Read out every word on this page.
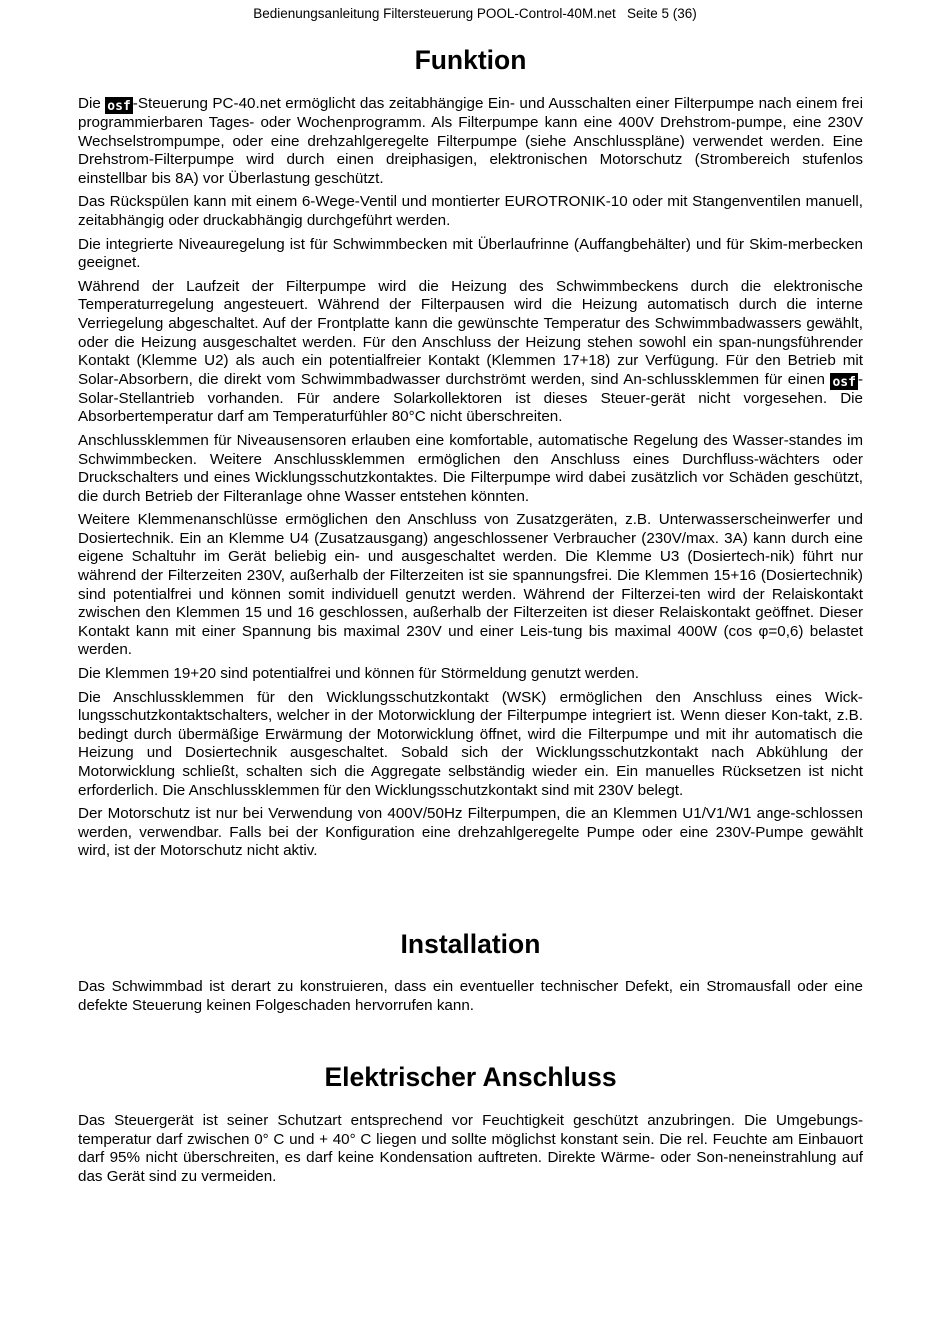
Bedienungsanleitung Filtersteuerung POOL-Control-40M.net   Seite 5 (36)
Funktion

Die osf -Steuerung PC-40.net ermöglicht das zeitabhängige Ein- und Ausschalten einer Filterpumpe nach einem frei programmierbaren Tages- oder Wochenprogramm. Als Filterpumpe kann eine 400V Drehstrom-pumpe, eine 230V Wechselstrompumpe, oder eine drehzahlgeregelte Filterpumpe (siehe Anschlusspläne) verwendet werden. Eine Drehstrom-Filterpumpe wird durch einen dreiphasigen, elektronischen Motorschutz (Strombereich stufenlos einstellbar bis 8A) vor Überlastung geschützt.

Das Rückspülen kann mit einem 6-Wege-Ventil und montierter EUROTRONIK-10 oder mit Stangenventilen manuell, zeitabhängig oder druckabhängig durchgeführt werden.

Die integrierte Niveauregelung ist für Schwimmbecken mit Überlaufrinne (Auffangbehälter) und für Skim-merbecken geeignet.

Während der Laufzeit der Filterpumpe wird die Heizung des Schwimmbeckens durch die elektronische Temperaturregelung angesteuert. Während der Filterpausen wird die Heizung automatisch durch die interne Verriegelung abgeschaltet. Auf der Frontplatte kann die gewünschte Temperatur des Schwimmbadwassers gewählt, oder die Heizung ausgeschaltet werden. Für den Anschluss der Heizung stehen sowohl ein span-nungsführender Kontakt (Klemme U2) als auch ein potentialfreier Kontakt (Klemmen 17+18) zur Verfügung. Für den Betrieb mit Solar-Absorbern, die direkt vom Schwimmbadwasser durchströmt werden, sind An-schlussklemmen für einen osf -Solar-Stellantrieb vorhanden. Für andere Solarkollektoren ist dieses Steuer-gerät nicht vorgesehen. Die Absorbertemperatur darf am Temperaturfühler 80°C nicht überschreiten.

Anschlussklemmen für Niveausensoren erlauben eine komfortable, automatische Regelung des Wasser-standes im Schwimmbecken. Weitere Anschlussklemmen ermöglichen den Anschluss eines Durchfluss-wächters oder Druckschalters und eines Wicklungsschutzkontaktes. Die Filterpumpe wird dabei zusätzlich vor Schäden geschützt, die durch Betrieb der Filteranlage ohne Wasser entstehen könnten.

Weitere Klemmenanschlüsse ermöglichen den Anschluss von Zusatzgeräten, z.B. Unterwasserscheinwerfer und Dosiertechnik. Ein an Klemme U4 (Zusatzausgang) angeschlossener Verbraucher (230V/max. 3A) kann durch eine eigene Schaltuhr im Gerät beliebig ein- und ausgeschaltet werden. Die Klemme U3 (Dosiertech-nik) führt nur während der Filterzeiten 230V, außerhalb der Filterzeiten ist sie spannungsfrei. Die Klemmen 15+16 (Dosiertechnik) sind potentialfrei und können somit individuell genutzt werden. Während der Filterzei-ten wird der Relaiskontakt zwischen den Klemmen 15 und 16 geschlossen, außerhalb der Filterzeiten ist dieser Relaiskontakt geöffnet. Dieser Kontakt kann mit einer Spannung bis maximal 230V und einer Leis-tung bis maximal 400W (cos φ=0,6) belastet werden.

Die Klemmen 19+20 sind potentialfrei und können für Störmeldung genutzt werden.

Die Anschlussklemmen für den Wicklungsschutzkontakt (WSK) ermöglichen den Anschluss eines Wick-lungsschutzkontaktschalters, welcher in der Motorwicklung der Filterpumpe integriert ist. Wenn dieser Kon-takt, z.B. bedingt durch übermäßige Erwärmung der Motorwicklung öffnet, wird die Filterpumpe und mit ihr automatisch die Heizung und Dosiertechnik ausgeschaltet. Sobald sich der Wicklungsschutzkontakt nach Abkühlung der Motorwicklung schließt, schalten sich die Aggregate selbständig wieder ein. Ein manuelles Rücksetzen ist nicht erforderlich. Die Anschlussklemmen für den Wicklungsschutzkontakt sind mit 230V belegt.

Der Motorschutz ist nur bei Verwendung von 400V/50Hz Filterpumpen, die an Klemmen U1/V1/W1 ange-schlossen werden, verwendbar. Falls bei der Konfiguration eine drehzahlgeregelte Pumpe oder eine 230V-Pumpe gewählt wird, ist der Motorschutz nicht aktiv.

Installation

Das Schwimmbad ist derart zu konstruieren, dass ein eventueller technischer Defekt, ein Stromausfall oder eine defekte Steuerung keinen Folgeschaden hervorrufen kann.

Elektrischer Anschluss

Das Steuergerät ist seiner Schutzart entsprechend vor Feuchtigkeit geschützt anzubringen. Die Umgebungs-temperatur darf zwischen 0° C und + 40° C liegen und sollte möglichst konstant sein. Die rel. Feuchte am Einbauort darf 95% nicht überschreiten, es darf keine Kondensation auftreten. Direkte Wärme- oder Son-neneinstrahlung auf das Gerät sind zu vermeiden.
